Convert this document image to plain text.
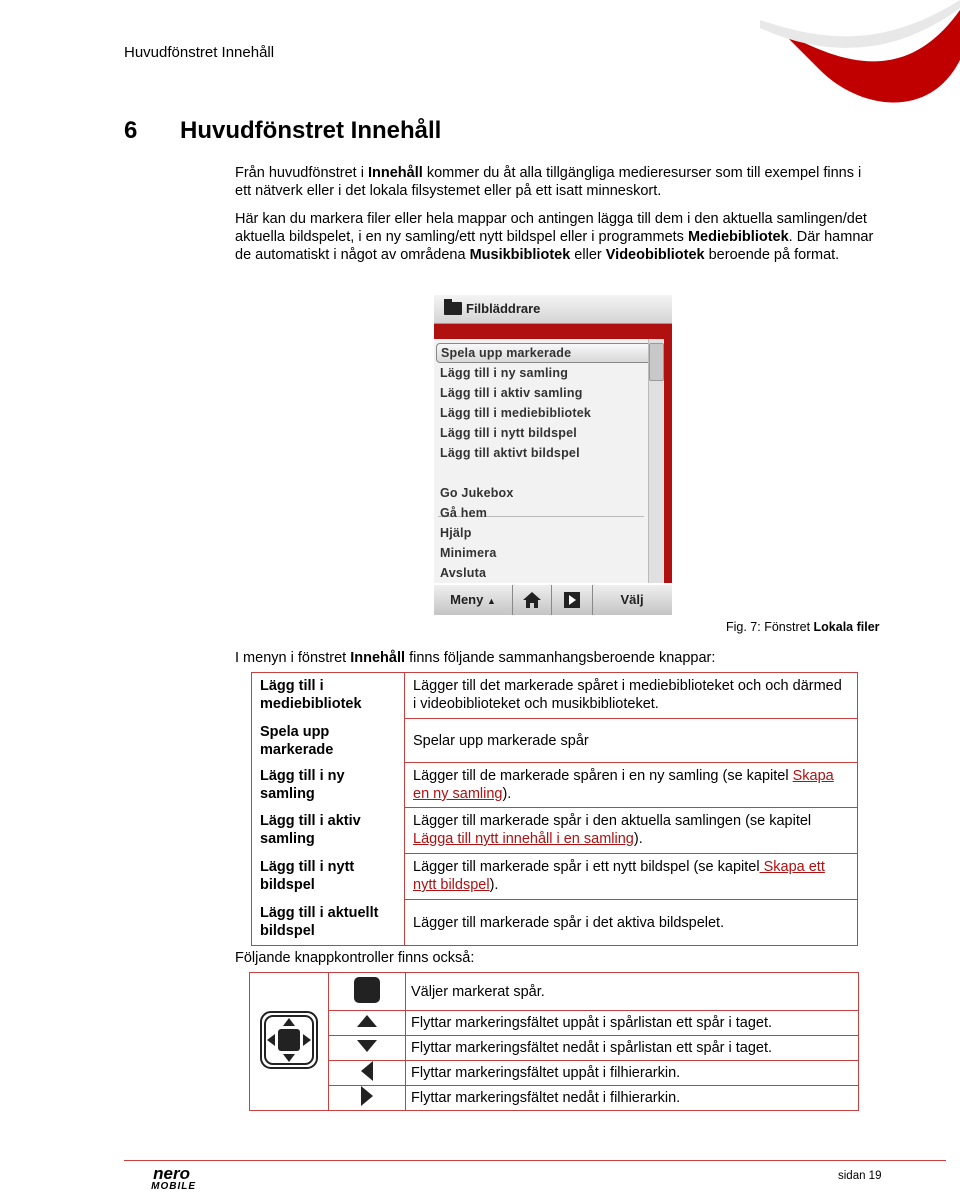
Huvudfönstret Innehåll
6 Huvudfönstret Innehåll
Från huvudfönstret i Innehåll kommer du åt alla tillgängliga medieresurser som till exempel finns i ett nätverk eller i det lokala filsystemet eller på ett isatt minneskort.
Här kan du markera filer eller hela mappar och antingen lägga till dem i den aktuella samlingen/det aktuella bildspelet, i en ny samling/ett nytt bildspel eller i programmets Mediebibliotek. Där hamnar de automatiskt i något av områdena Musikbibliotek eller Videobibliotek beroende på format.
Filbläddrare
Spela upp markerade
Lägg till i ny samling
Lägg till i aktiv samling
Lägg till i mediebibliotek
Lägg till i nytt bildspel
Lägg till aktivt bildspel
Go Jukebox
Gå hem
Hjälp
Minimera
Avsluta
Meny ▲	Välj
Fig. 7: Fönstret Lokala filer
I menyn i fönstret Innehåll finns följande sammanhangsberoende knappar:
Lägg till i mediebibliotek	Lägger till det markerade spåret i mediebiblioteket och och därmed i videobiblioteket och musikbiblioteket.
Spela upp markerade	Spelar upp markerade spår
Lägg till i ny samling	Lägger till de markerade spåren i en ny samling (se kapitel Skapa en ny samling).
Lägg till i aktiv samling	Lägger till markerade spår i den aktuella samlingen (se kapitel Lägga till nytt innehåll i en samling).
Lägg till i nytt bildspel	Lägger till markerade spår i ett nytt bildspel (se kapitel Skapa ett nytt bildspel).
Lägg till i aktuellt bildspel	Lägger till markerade spår i det aktiva bildspelet.
Följande knappkontroller finns också:
		Väljer markerat spår.
		Flyttar markeringsfältet uppåt i spårlistan ett spår i taget.
		Flyttar markeringsfältet nedåt i spårlistan ett spår i taget.
		Flyttar markeringsfältet uppåt i filhierarkin.
		Flyttar markeringsfältet nedåt i filhierarkin.
nero
MOBILE
sidan 19
